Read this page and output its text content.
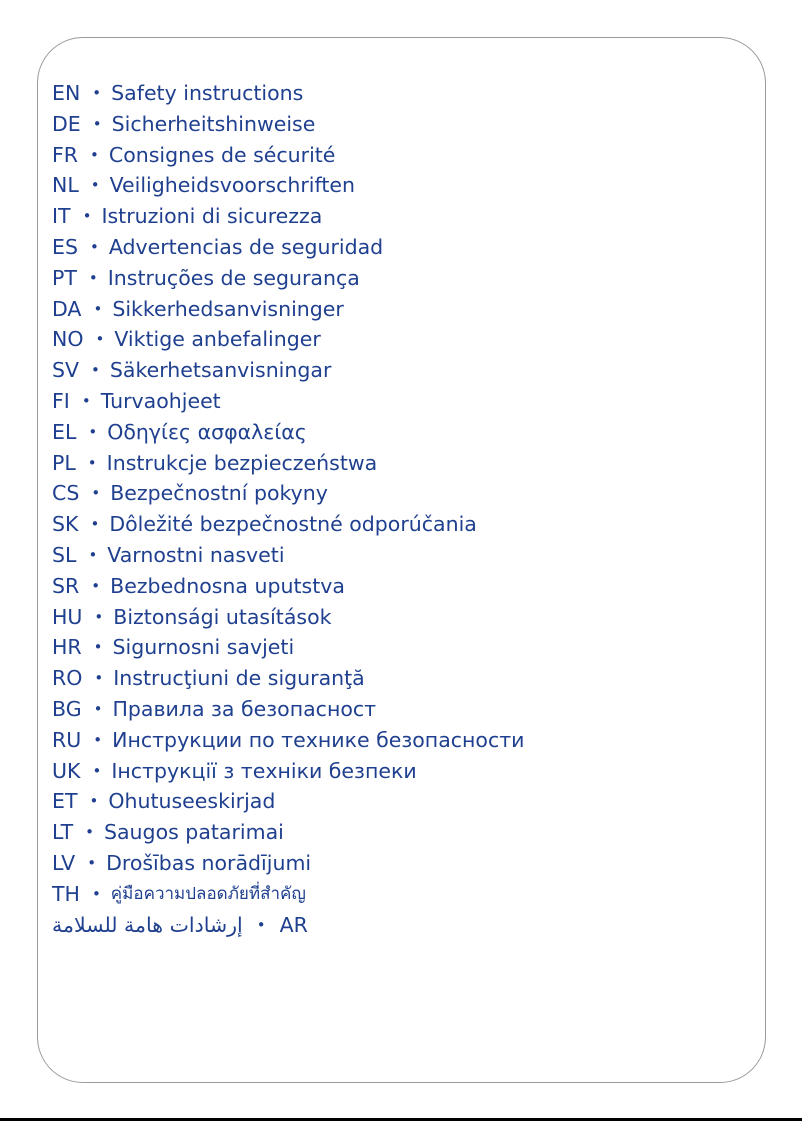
EN • Safety instructions
DE • Sicherheitshinweise
FR • Consignes de sécurité
NL • Veiligheidsvoorschriften
IT • Istruzioni di sicurezza
ES • Advertencias de seguridad
PT • Instruções de segurança
DA • Sikkerhedsanvisninger
NO • Viktige anbefalinger
SV • Säkerhetsanvisningar
FI • Turvaohjeet
EL • Οδηγίες ασφαλείας
PL • Instrukcje bezpieczeństwa
CS • Bezpečnostní pokyny
SK • Dôležité bezpečnostné odporúčania
SL • Varnostni nasveti
SR • Bezbednosna uputstva
HU • Biztonsági utasítások
HR • Sigurnosni savjeti
RO • Instrucţiuni de siguranţă
BG • Правила за безопасност
RU • Инструкции по технике безопасности
UK • Інструкції з техніки безпеки
ET • Ohutuseeskirjad
LT • Saugos patarimai
LV • Drošības norādījumi
TH • คู่มือความปลอดภัยที่สำคัญ
إرشادات هامة للسلامة • AR
